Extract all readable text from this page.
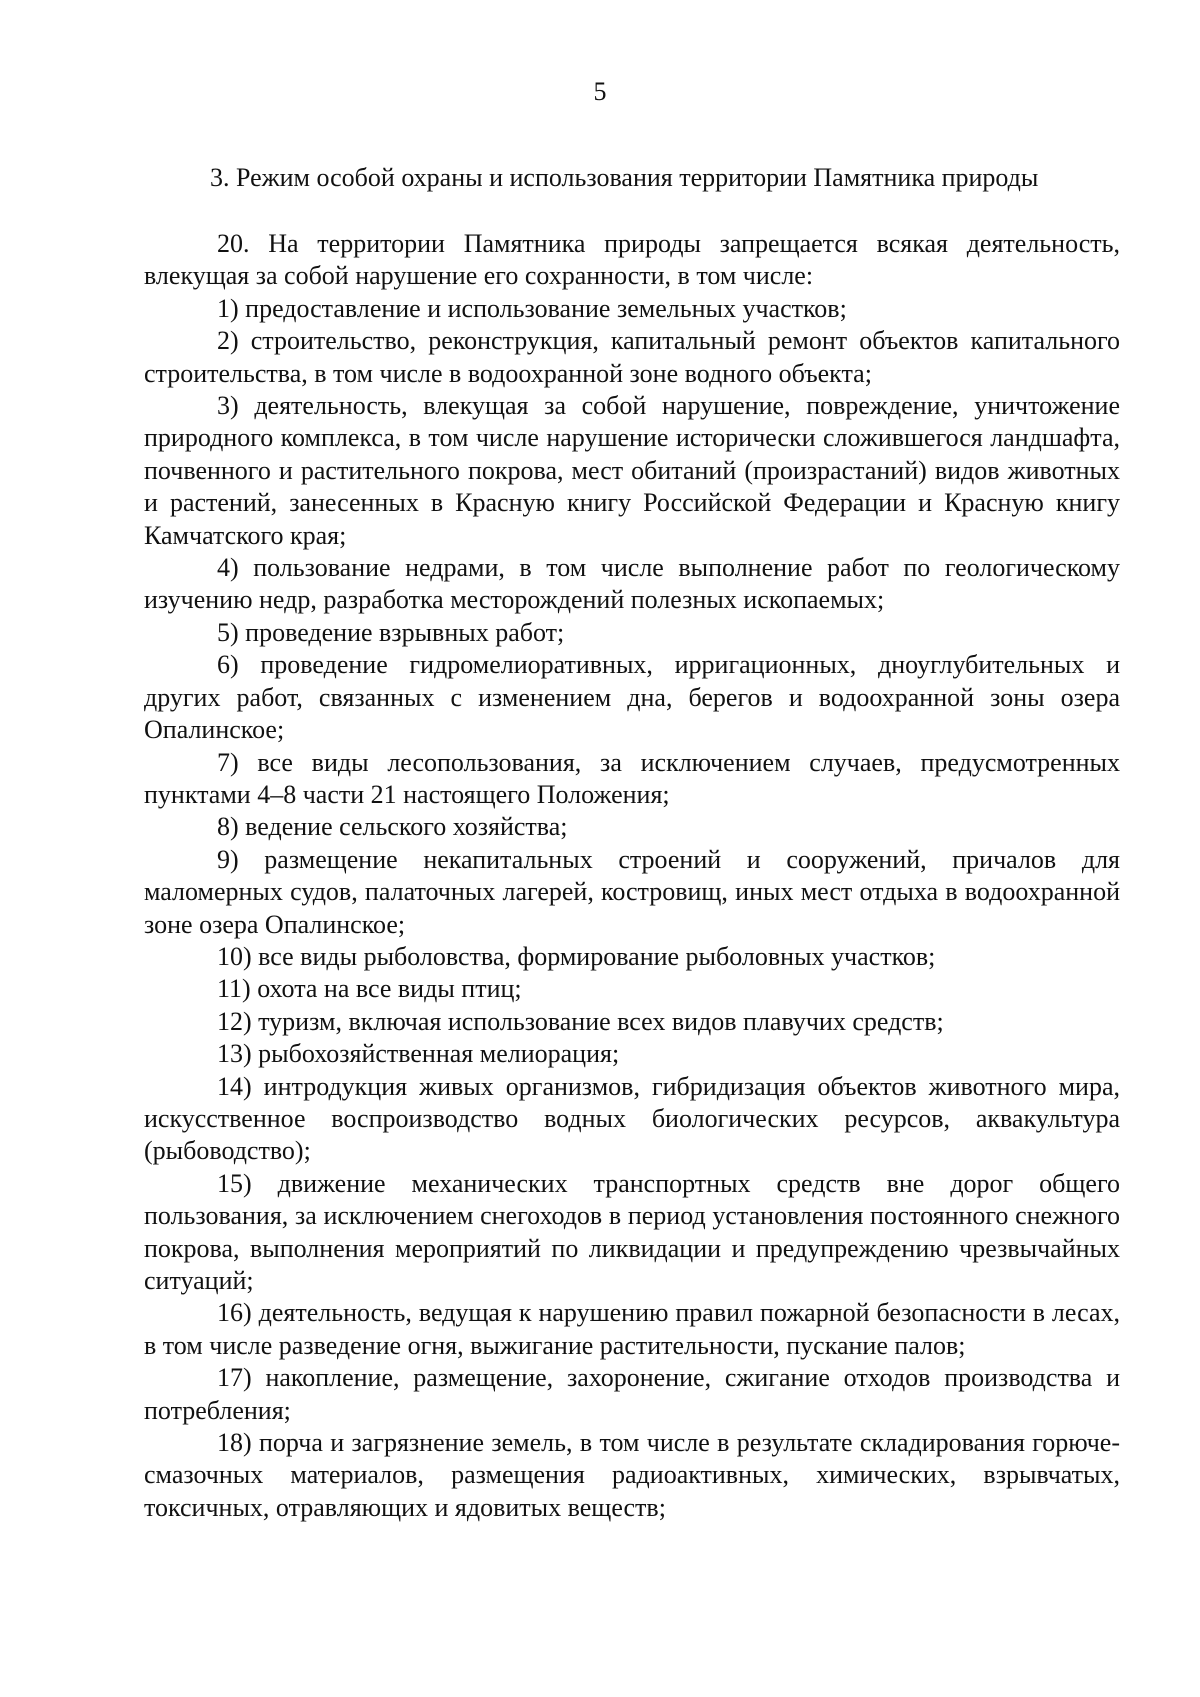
5
3. Режим особой охраны и использования территории Памятника природы

20. На территории Памятника природы запрещается всякая деятельность, влекущая за собой нарушение его сохранности, в том числе:

1) предоставление и использование земельных участков;

2) строительство, реконструкция, капитальный ремонт объектов капитального строительства, в том числе в водоохранной зоне водного объекта;

3) деятельность, влекущая за собой нарушение, повреждение, уничтожение природного комплекса, в том числе нарушение исторически сложившегося ландшафта, почвенного и растительного покрова, мест обитаний (произрастаний) видов животных и растений, занесенных в Красную книгу Российской Федерации и Красную книгу Камчатского края;

4) пользование недрами, в том числе выполнение работ по геологическому изучению недр, разработка месторождений полезных ископаемых;

5) проведение взрывных работ;

6) проведение гидромелиоративных, ирригационных, дноуглубительных и других работ, связанных с изменением дна, берегов и водоохранной зоны озера Опалинское;

7) все виды лесопользования, за исключением случаев, предусмотренных пунктами 4–8 части 21 настоящего Положения;

8) ведение сельского хозяйства;

9) размещение некапитальных строений и сооружений, причалов для маломерных судов, палаточных лагерей, костровищ, иных мест отдыха в водоохранной зоне озера Опалинское;

10) все виды рыболовства, формирование рыболовных участков;

11) охота на все виды птиц;

12) туризм, включая использование всех видов плавучих средств;

13) рыбохозяйственная мелиорация;

14) интродукция живых организмов, гибридизация объектов животного мира, искусственное воспроизводство водных биологических ресурсов, аквакультура (рыбоводство);

15) движение механических транспортных средств вне дорог общего пользования, за исключением снегоходов в период установления постоянного снежного покрова, выполнения мероприятий по ликвидации и предупреждению чрезвычайных ситуаций;

16) деятельность, ведущая к нарушению правил пожарной безопасности в лесах, в том числе разведение огня, выжигание растительности, пускание палов;

17) накопление, размещение, захоронение, сжигание отходов производства и потребления;

18) порча и загрязнение земель, в том числе в результате складирования горюче-смазочных материалов, размещения радиоактивных, химических, взрывчатых, токсичных, отравляющих и ядовитых веществ;
